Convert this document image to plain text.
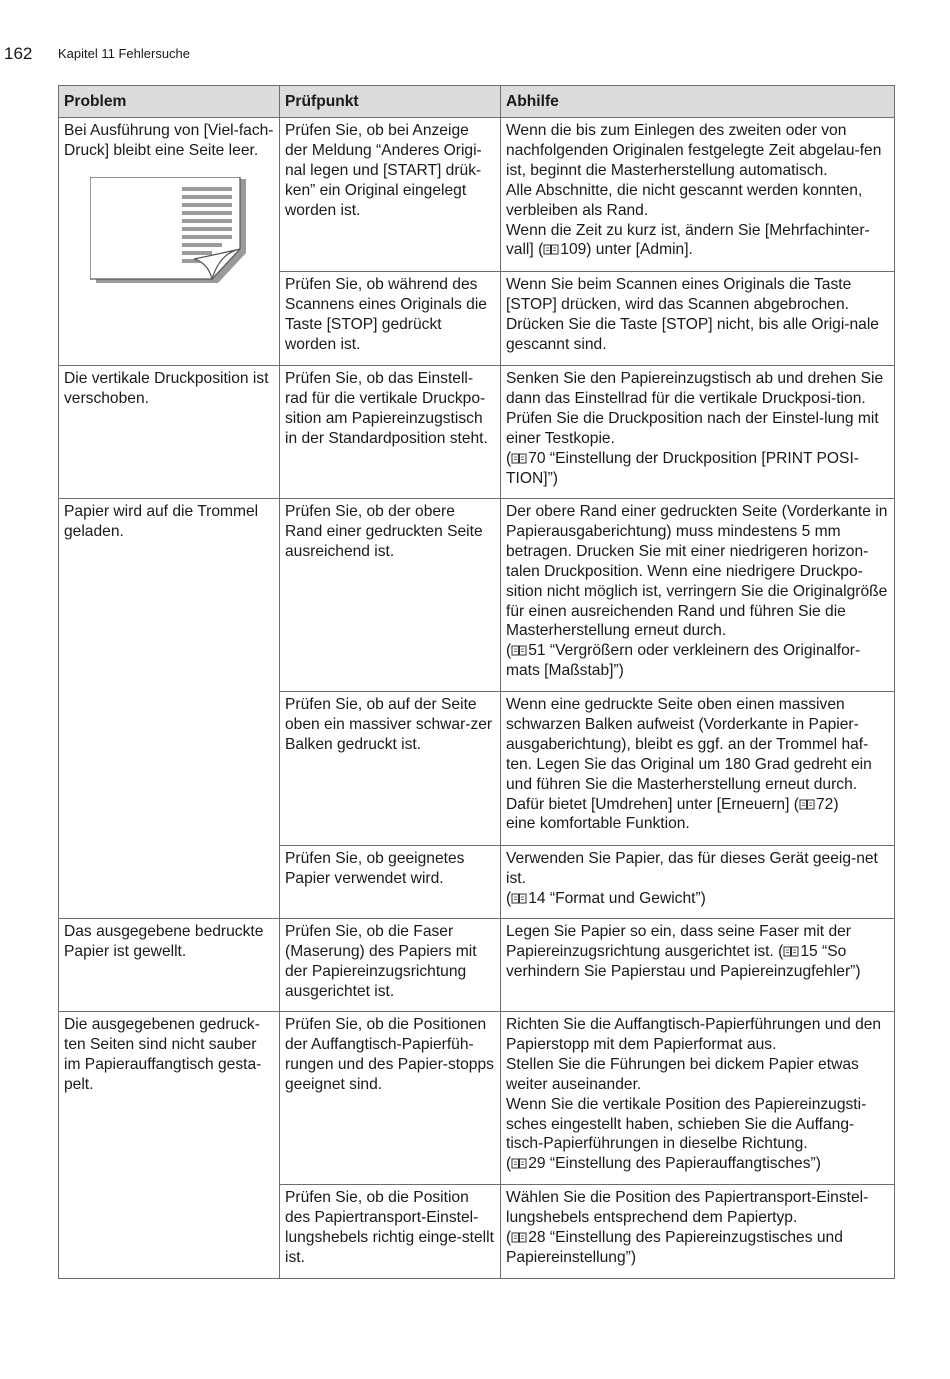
162 Kapitel 11 Fehlersuche
Problem	Prüfpunkt	Abhilfe
Bei Ausführung von [Viel-fach-Druck] bleibt eine Seite leer.	Prüfen Sie, ob bei Anzeige der Meldung “Anderes Origi-nal legen und [START] drük-ken” ein Original eingelegt worden ist.	Wenn die bis zum Einlegen des zweiten oder von nachfolgenden Originalen festgelegte Zeit abgelau-fen ist, beginnt die Masterherstellung automatisch.
Alle Abschnitte, die nicht gescannt werden konnten, verbleiben als Rand.
Wenn die Zeit zu kurz ist, ändern Sie [Mehrfachinter-vall] ( 109) unter [Admin].
	Prüfen Sie, ob während des Scannens eines Originals die Taste [STOP] gedrückt worden ist.	Wenn Sie beim Scannen eines Originals die Taste [STOP] drücken, wird das Scannen abgebrochen. Drücken Sie die Taste [STOP] nicht, bis alle Origi-nale gescannt sind.
Die vertikale Druckposition ist verschoben.	Prüfen Sie, ob das Einstell-rad für die vertikale Druckpo-sition am Papiereinzugstisch in der Standardposition steht.	Senken Sie den Papiereinzugstisch ab und drehen Sie dann das Einstellrad für die vertikale Druckposi-tion. Prüfen Sie die Druckposition nach der Einstel-lung mit einer Testkopie.
( 70 “Einstellung der Druckposition [PRINT POSI-TION]”)
Papier wird auf die Trommel geladen.	Prüfen Sie, ob der obere Rand einer gedruckten Seite ausreichend ist.	Der obere Rand einer gedruckten Seite (Vorderkante in Papierausgaberichtung) muss mindestens 5 mm betragen. Drucken Sie mit einer niedrigeren horizon-talen Druckposition. Wenn eine niedrigere Druckpo-sition nicht möglich ist, verringern Sie die Originalgröße für einen ausreichenden Rand und führen Sie die Masterherstellung erneut durch.
( 51 “Vergrößern oder verkleinern des Originalfor-mats [Maßstab]”)
	Prüfen Sie, ob auf der Seite oben ein massiver schwar-zer Balken gedruckt ist.	Wenn eine gedruckte Seite oben einen massiven schwarzen Balken aufweist (Vorderkante in Papier-ausgaberichtung), bleibt es ggf. an der Trommel haf-ten. Legen Sie das Original um 180 Grad gedreht ein und führen Sie die Masterherstellung erneut durch. Dafür bietet [Umdrehen] unter [Erneuern] ( 72)
eine komfortable Funktion.
	Prüfen Sie, ob geeignetes Papier verwendet wird.	Verwenden Sie Papier, das für dieses Gerät geeig-net ist.
( 14 “Format und Gewicht”)
Das ausgegebene bedruckte Papier ist gewellt.	Prüfen Sie, ob die Faser (Maserung) des Papiers mit der Papiereinzugsrichtung ausgerichtet ist.	Legen Sie Papier so ein, dass seine Faser mit der Papiereinzugsrichtung ausgerichtet ist. ( 15 “So verhindern Sie Papierstau und Papiereinzugfehler”)
Die ausgegebenen gedruck-ten Seiten sind nicht sauber im Papierauffangtisch gesta-pelt.	Prüfen Sie, ob die Positionen der Auffangtisch-Papierfüh-rungen und des Papier-stopps geeignet sind.	Richten Sie die Auffangtisch-Papierführungen und den Papierstopp mit dem Papierformat aus.
Stellen Sie die Führungen bei dickem Papier etwas weiter auseinander.
Wenn Sie die vertikale Position des Papiereinzugsti-sches eingestellt haben, schieben Sie die Auffang-tisch-Papierführungen in dieselbe Richtung.
( 29 “Einstellung des Papierauffangtisches”)
	Prüfen Sie, ob die Position des Papiertransport-Einstel-lungshebels richtig einge-stellt ist.	Wählen Sie die Position des Papiertransport-Einstel-lungshebels entsprechend dem Papiertyp.
( 28 “Einstellung des Papiereinzugstisches und Papiereinstellung”)
